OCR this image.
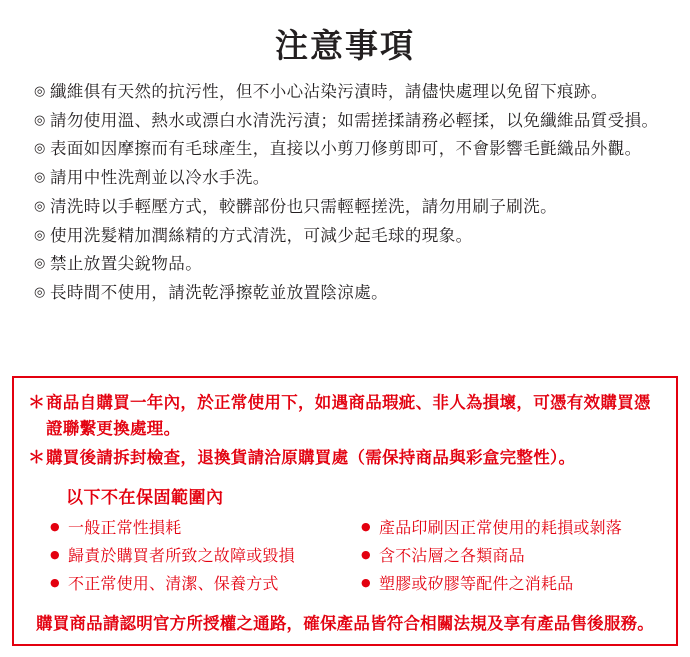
注意事項
◎ 纖維俱有天然的抗污性，但不小心沾染污漬時，請儘快處理以免留下痕跡。
◎ 請勿使用溫、熱水或漂白水清洗污漬；如需搓揉請務必輕揉，以免纖維品質受損。
◎ 表面如因摩擦而有毛球產生，直接以小剪刀修剪即可，不會影響毛氈織品外觀。
◎ 請用中性洗劑並以冷水手洗。
◎ 清洗時以手輕壓方式，較髒部份也只需輕輕搓洗，請勿用刷子刷洗。
◎ 使用洗髮精加潤絲精的方式清洗，可減少起毛球的現象。
◎ 禁止放置尖銳物品。
◎ 長時間不使用，請洗乾淨擦乾並放置陰涼處。
＊ 商品自購買一年內，於正常使用下，如遇商品瑕疵、非人為損壞，可憑有效購買憑證聯繫更換處理。
＊ 購買後請拆封檢查，退換貨請洽原購買處（需保持商品與彩盒完整性）。
以下不在保固範圍內
● 一般正常性損耗
● 歸責於購買者所致之故障或毀損
● 不正常使用、清潔、保養方式
● 產品印刷因正常使用的耗損或剝落
● 含不沾層之各類商品
● 塑膠或矽膠等配件之消耗品
購買商品請認明官方所授權之通路，確保產品皆符合相關法規及享有產品售後服務。
